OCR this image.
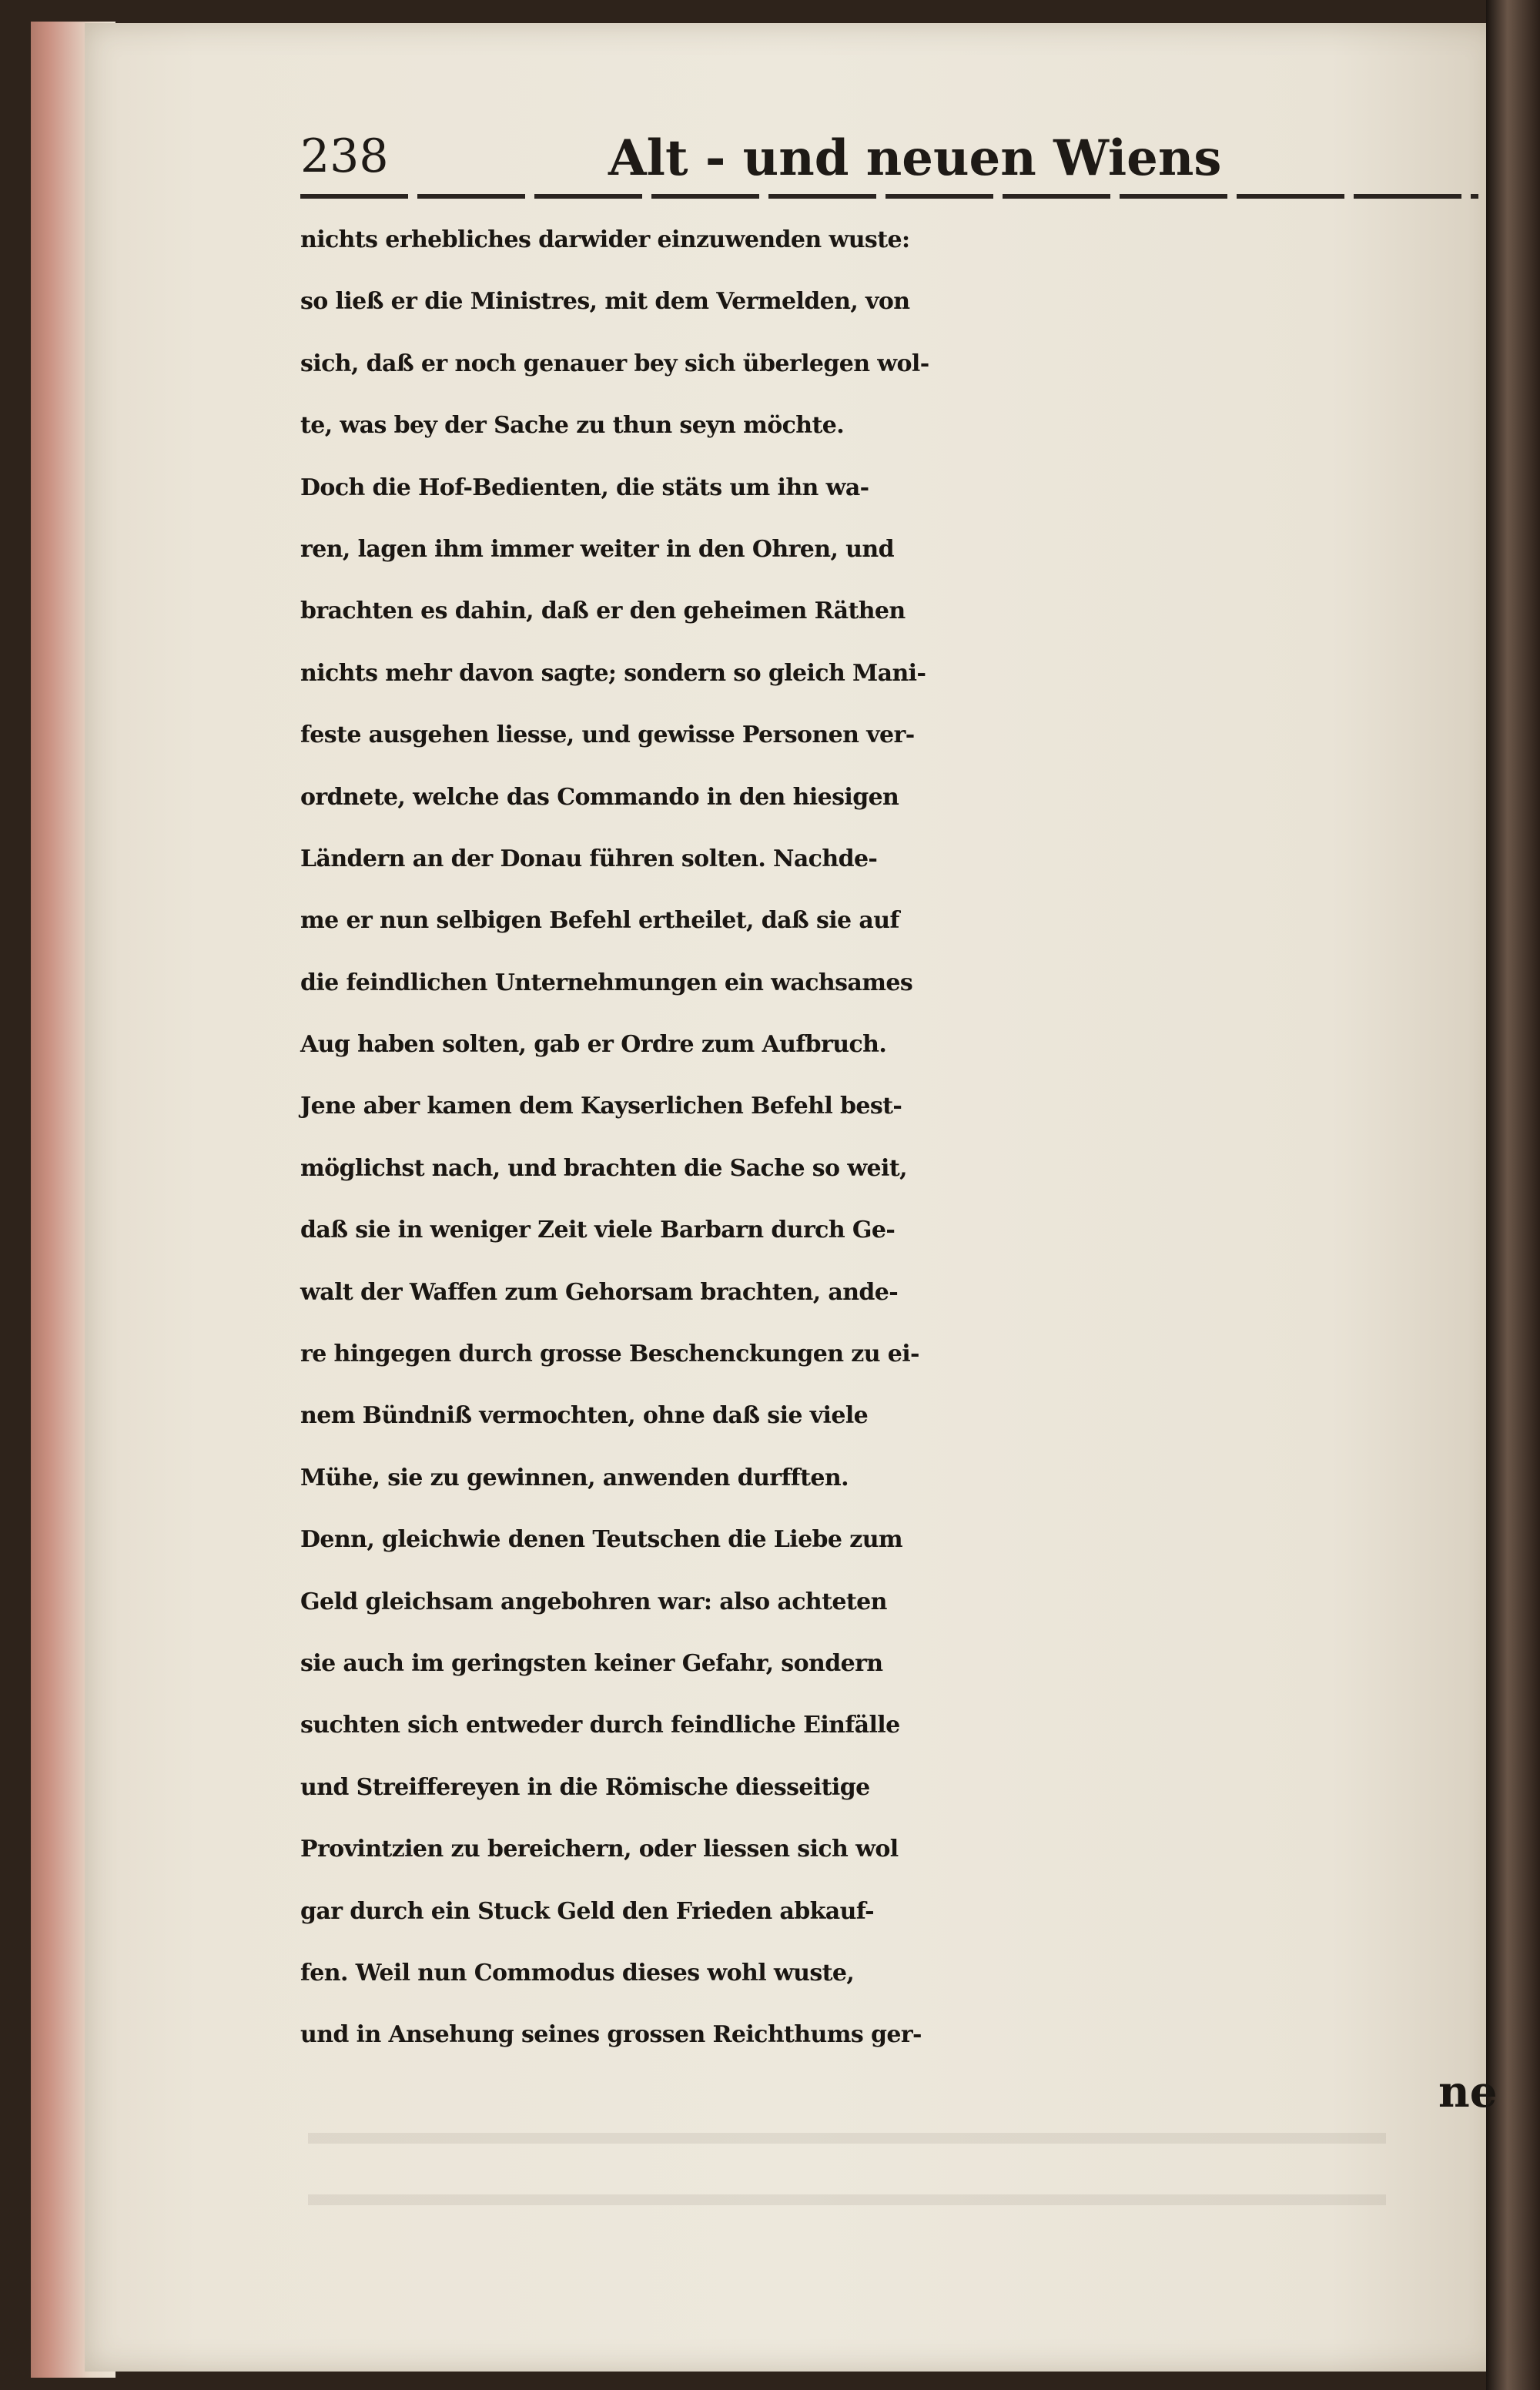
238	Alt - und neuen Wiens
nichts erhebliches darwider einzuwenden wuste:
so ließ er die Ministres, mit dem Vermelden, von
sich, daß er noch genauer bey sich überlegen wol-
te, was bey der Sache zu thun seyn möchte.
Doch die Hof-Bedienten, die stäts um ihn wa-
ren, lagen ihm immer weiter in den Ohren, und
brachten es dahin, daß er den geheimen Räthen
nichts mehr davon sagte; sondern so gleich Mani-
feste ausgehen liesse, und gewisse Personen ver-
ordnete, welche das Commando in den hiesigen
Ländern an der Donau führen solten. Nachde-
me er nun selbigen Befehl ertheilet, daß sie auf
die feindlichen Unternehmungen ein wachsames
Aug haben solten, gab er Ordre zum Aufbruch.
Jene aber kamen dem Kayserlichen Befehl best-
möglichst nach, und brachten die Sache so weit,
daß sie in weniger Zeit viele Barbarn durch Ge-
walt der Waffen zum Gehorsam brachten, ande-
re hingegen durch grosse Beschenckungen zu ei-
nem Bündniß vermochten, ohne daß sie viele
Mühe, sie zu gewinnen, anwenden durfften.
Denn, gleichwie denen Teutschen die Liebe zum
Geld gleichsam angebohren war: also achteten
sie auch im geringsten keiner Gefahr, sondern
suchten sich entweder durch feindliche Einfälle
und Streiffereyen in die Römische diesseitige
Provintzien zu bereichern, oder liessen sich wol
gar durch ein Stuck Geld den Frieden abkauf-
fen. Weil nun Commodus dieses wohl wuste,
und in Ansehung seines grossen Reichthums ger-
ne
